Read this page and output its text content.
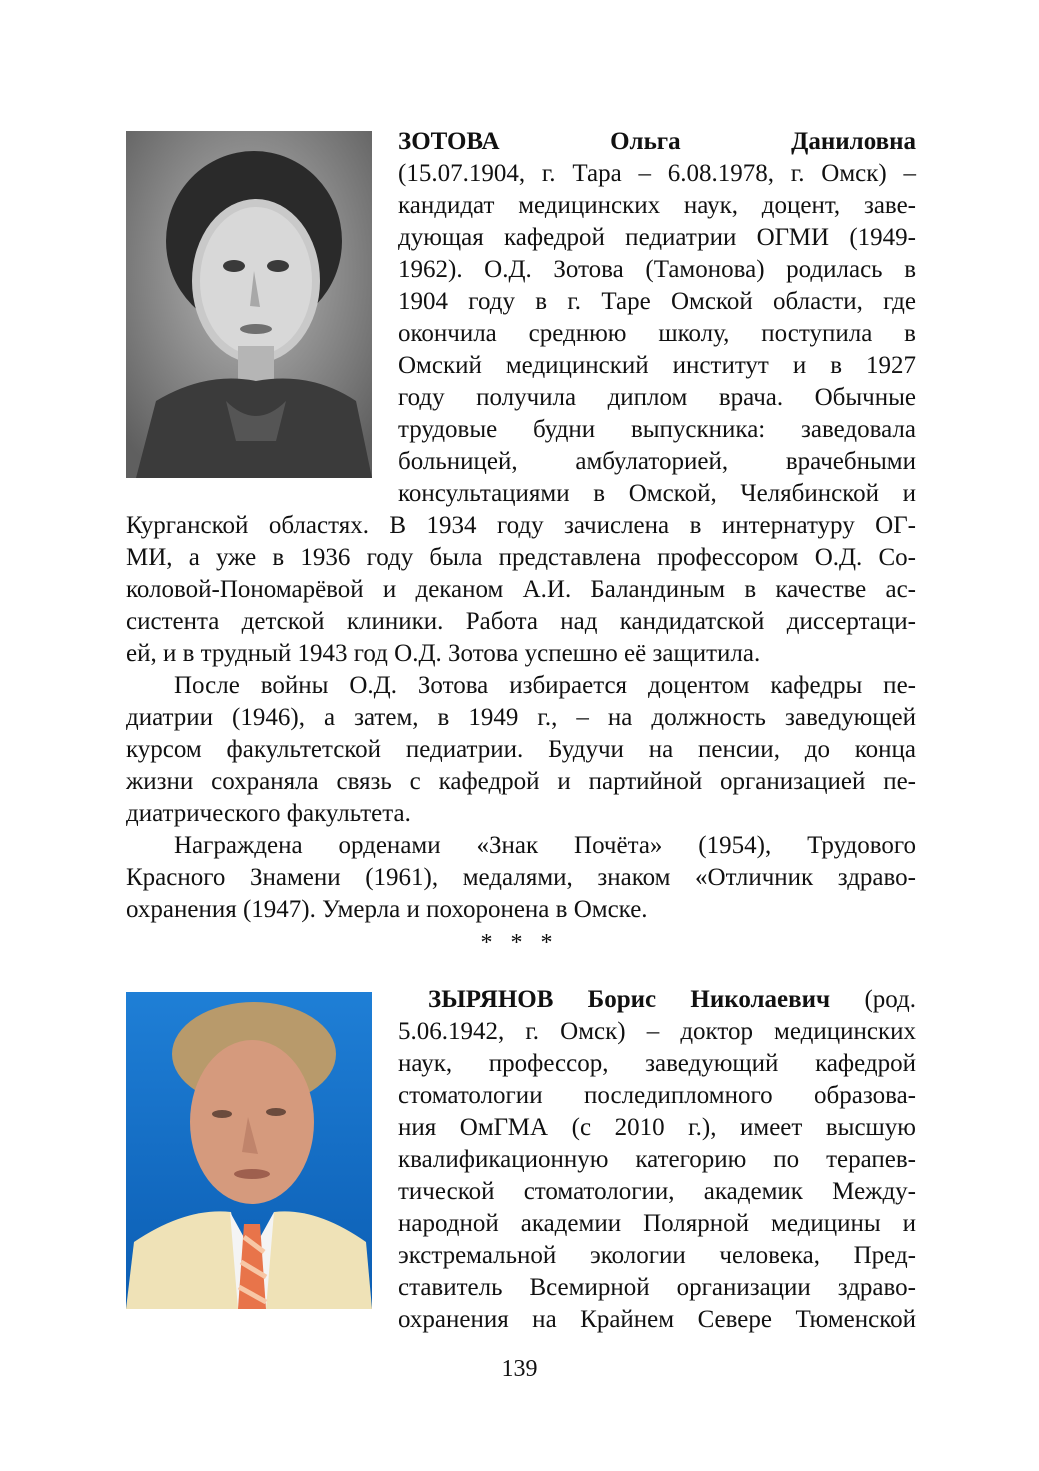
ЗОТОВА	Ольга	Даниловна
(15.07.1904, г. Тара – 6.08.1978, г. Омск) –
кандидат медицинских наук, доцент, заве-
дующая кафедрой педиатрии ОГМИ (1949-
1962). О.Д. Зотова (Тамонова) родилась в
1904 году в г. Таре Омской области, где
окончила среднюю школу, поступила в
Омский медицинский институт и в 1927
году получила диплом врача. Обычные
трудовые будни выпускника: заведовала
больницей, амбулаторией, врачебными
консультациями в Омской, Челябинской и
Курганской областях. В 1934 году зачислена в интернатуру ОГ-
МИ, а уже в 1936 году была представлена профессором О.Д. Со-
коловой-Пономарёвой и деканом А.И. Баландиным в качестве ас-
систента детской клиники. Работа над кандидатской диссертаци-
ей, и в трудный 1943 год О.Д. Зотова успешно её защитила.
После войны О.Д. Зотова избирается доцентом кафедры пе-
диатрии (1946), а затем, в 1949 г., – на должность заведующей
курсом факультетской педиатрии. Будучи на пенсии, до конца
жизни сохраняла связь с кафедрой и партийной организацией пе-
диатрического факультета.
Награждена орденами «Знак Почёта» (1954), Трудового
Красного Знамени (1961), медалями, знаком «Отличник здраво-
охранения (1947). Умерла и похоронена в Омске.
* * *
ЗЫРЯНОВ Борис Николаевич (род.
5.06.1942, г. Омск) – доктор медицинских
наук, профессор, заведующий кафедрой
стоматологии последипломного образова-
ния ОмГМА (с 2010 г.), имеет высшую
квалификационную категорию по терапев-
тической стоматологии, академик Между-
народной академии Полярной медицины и
экстремальной экологии человека, Пред-
ставитель Всемирной организации здраво-
охранения на Крайнем Севере Тюменской
139
